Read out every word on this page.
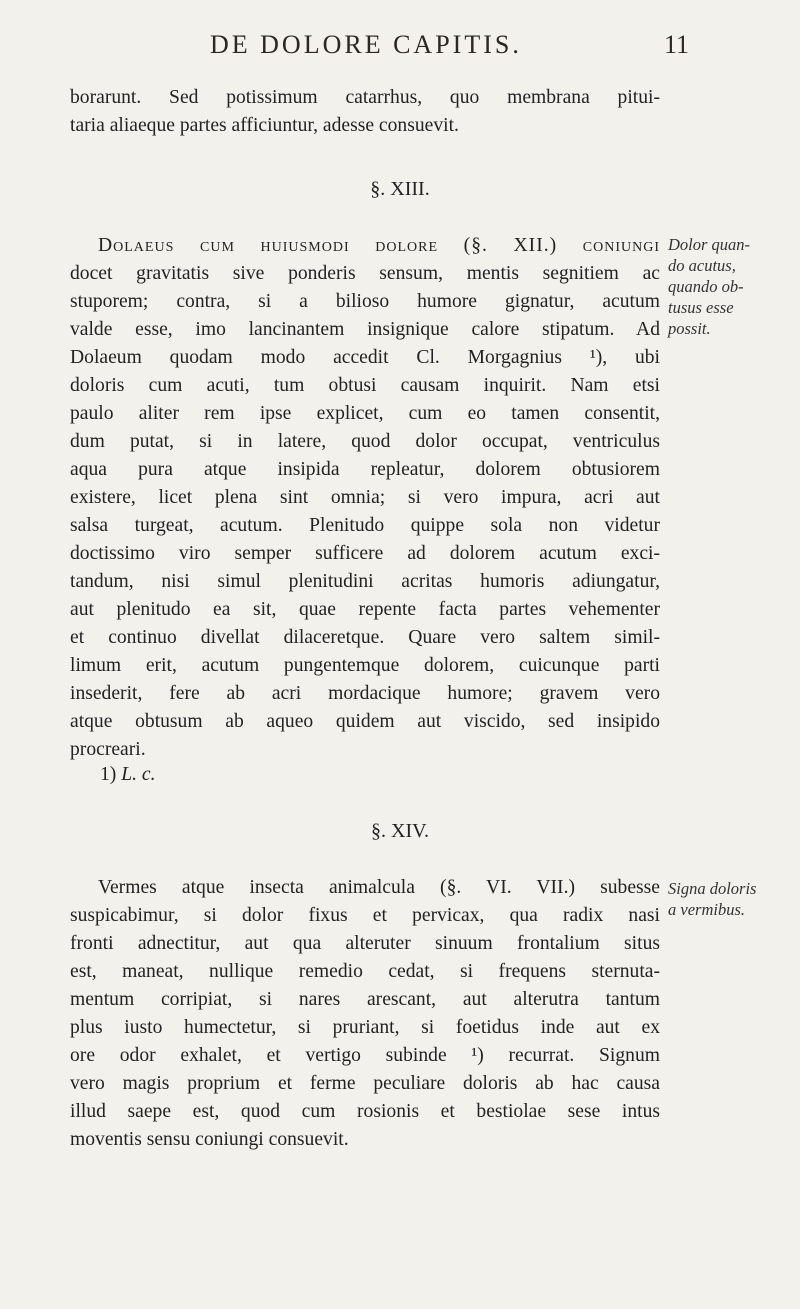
DE DOLORE CAPITIS.	11
borarunt. Sed potissimum catarrhus, quo membrana pitui-
taria aliaeque partes afficiuntur, adesse consuevit.
§. XIII.
Dolaeus cum huiusmodi dolore (§. XII.) coniungi
docet gravitatis sive ponderis sensum, mentis segnitiem ac
stuporem; contra, si a bilioso humore gignatur, acutum
valde esse, imo lancinantem insignique calore stipatum. Ad
Dolaeum quodam modo accedit Cl. Morgagnius ¹), ubi
doloris cum acuti, tum obtusi causam inquirit. Nam etsi
paulo aliter rem ipse explicet, cum eo tamen consentit,
dum putat, si in latere, quod dolor occupat, ventriculus
aqua pura atque insipida repleatur, dolorem obtusiorem
existere, licet plena sint omnia; si vero impura, acri aut
salsa turgeat, acutum. Plenitudo quippe sola non videtur
doctissimo viro semper sufficere ad dolorem acutum exci-
tandum, nisi simul plenitudini acritas humoris adiungatur,
aut plenitudo ea sit, quae repente facta partes vehementer
et continuo divellat dilaceretque. Quare vero saltem simil-
limum erit, acutum pungentemque dolorem, cuicunque parti
insederit, fere ab acri mordacique humore; gravem vero
atque obtusum ab aqueo quidem aut viscido, sed insipido
procreari.
Dolor quan-
do acutus,
quando ob-
tusus esse
possit.
1) L. c.
§. XIV.
Vermes atque insecta animalcula (§. VI. VII.) subesse
suspicabimur, si dolor fixus et pervicax, qua radix nasi
fronti adnectitur, aut qua alteruter sinuum frontalium situs
est, maneat, nullique remedio cedat, si frequens sternuta-
mentum corripiat, si nares arescant, aut alterutra tantum
plus iusto humectetur, si pruriant, si foetidus inde aut ex
ore odor exhalet, et vertigo subinde ¹) recurrat. Signum
vero magis proprium et ferme peculiare doloris ab hac causa
illud saepe est, quod cum rosionis et bestiolae sese intus
moventis sensu coniungi consuevit.
Signa doloris
a vermibus.
